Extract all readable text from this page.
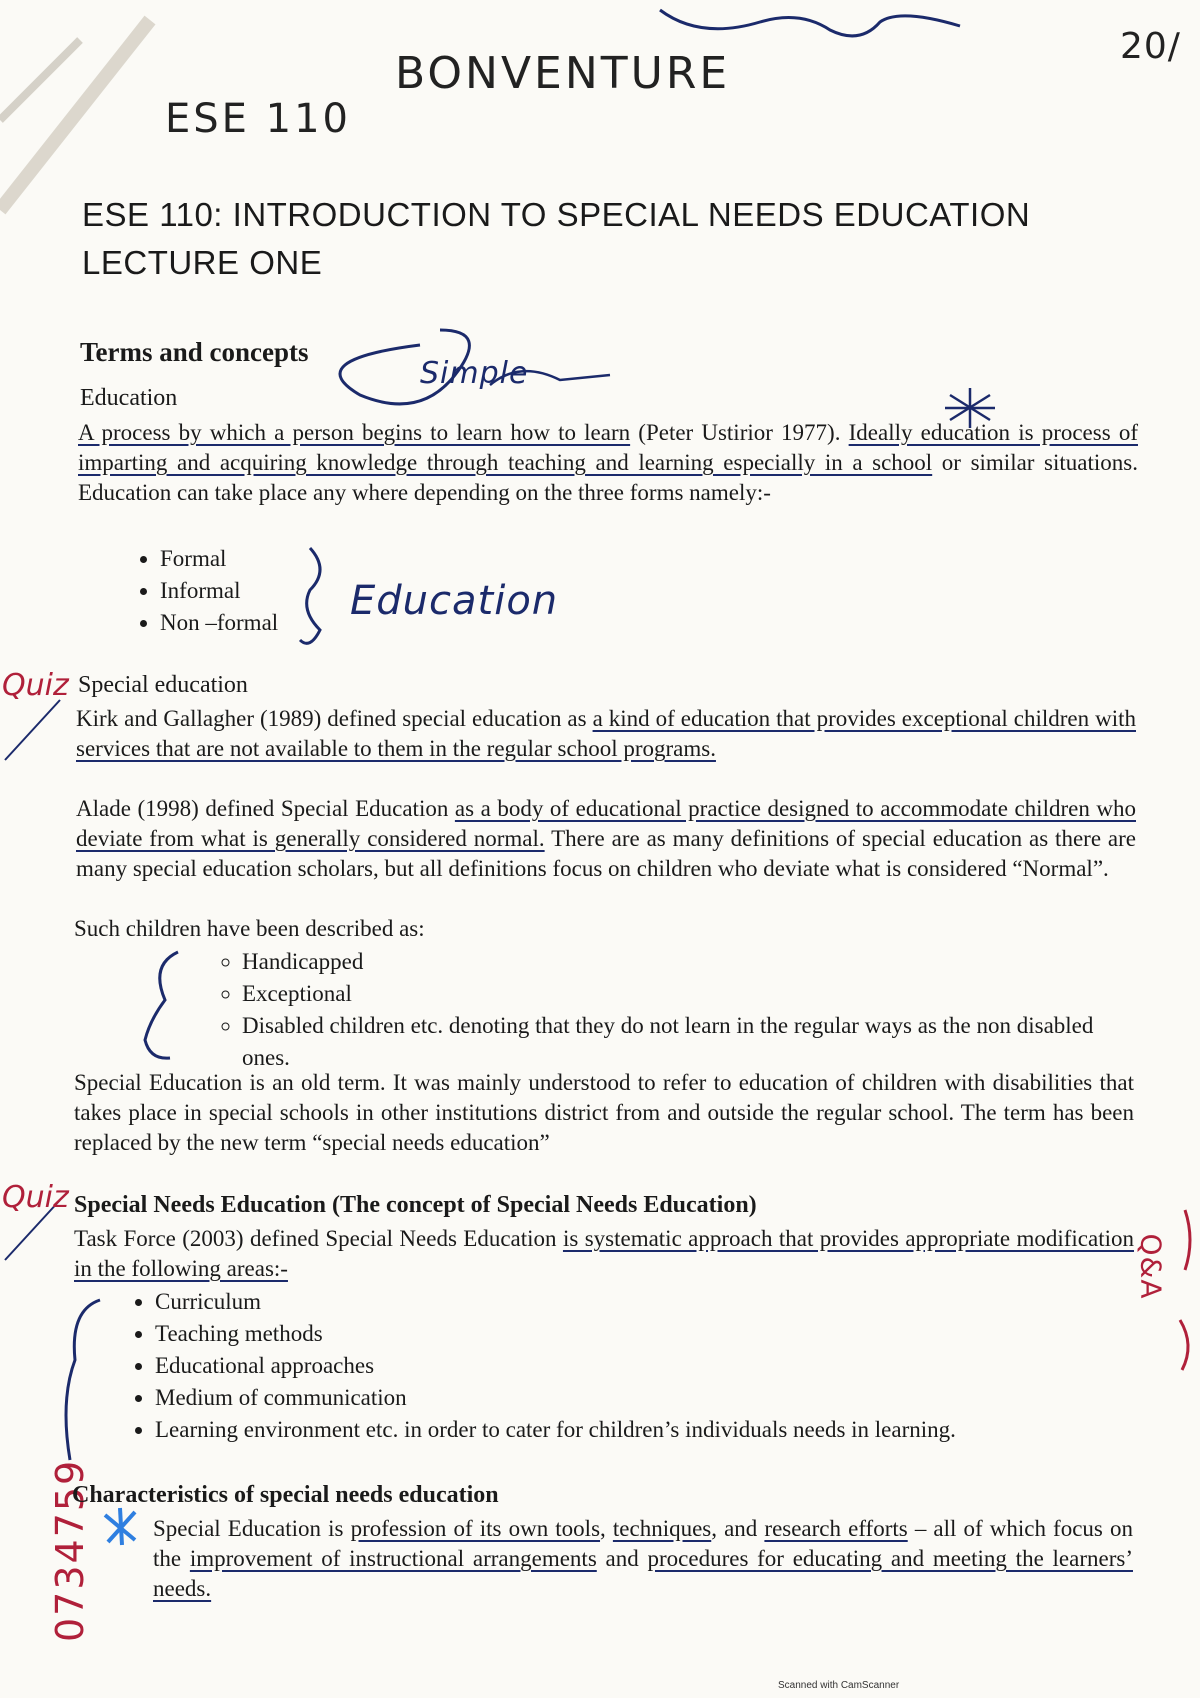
BONVENTURE
ESE 110
20/
ESE 110: INTRODUCTION TO SPECIAL NEEDS EDUCATION
LECTURE ONE
Terms and concepts
Simple
Education
A process by which a person begins to learn how to learn (Peter Ustirior 1977). Ideally education is process of imparting and acquiring knowledge through teaching and learning especially in a school or similar situations. Education can take place any where depending on the three forms namely:-
• Formal
• Informal
• Non –formal Education
Quiz Special education
Kirk and Gallagher (1989) defined special education as a kind of education that provides exceptional children with services that are not available to them in the regular school programs.
Alade (1998) defined Special Education as a body of educational practice designed to accommodate children who deviate from what is generally considered normal. There are as many definitions of special education as there are many special education scholars, but all definitions focus on children who deviate what is considered “Normal”.
Such children have been described as:
◦ Handicapped
◦ Exceptional
◦ Disabled children etc. denoting that they do not learn in the regular ways as the non disabled ones.
Special Education is an old term. It was mainly understood to refer to education of children with disabilities that takes place in special schools in other institutions district from and outside the regular school. The term has been replaced by the new term “special needs education”
Quiz Special Needs Education (The concept of Special Needs Education)
Task Force (2003) defined Special Needs Education is systematic approach that provides appropriate modification in the following areas:-
• Curriculum
• Teaching methods
• Educational approaches
• Medium of communication
• Learning environment etc. in order to cater for children’s individuals needs in learning.
0734759
Q&A
Characteristics of special needs education
Special Education is profession of its own tools, techniques, and research efforts – all of which focus on the improvement of instructional arrangements and procedures for educating and meeting the learners’ needs.
Scanned with CamScanner
